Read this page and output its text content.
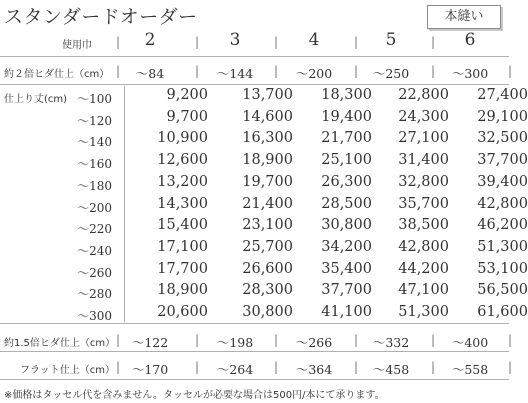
スタンダードオーダー	本縫い
使用巾	2	3	4	5	6
|	|	|	|	|
約２倍ヒダ仕上（cm）	～84	～144	～200	～250	～300
|	|	|	|	|	|
仕上り丈(cm) ～100	9,200	13,700	18,300	22,800	27,400
～120	9,700	14,600	19,400	24,300	29,100
～140	10,900	16,300	21,700	27,100	32,500
～160	12,600	18,900	25,100	31,400	37,700
～180	13,200	19,700	26,300	32,800	39,400
～200	14,300	21,400	28,500	35,700	42,800
～220	15,400	23,100	30,800	38,500	46,200
～240	17,100	25,700	34,200	42,800	51,300
～260	17,700	26,600	35,400	44,200	53,100
～280	18,900	28,300	37,700	47,100	56,500
～300	20,600	30,800	41,100	51,300	61,600
約1.5倍ヒダ仕上（cm）	～122	～198	～266	～332	～400
|	|	|	|	|	|
フラット仕上（cm）	～170	～264	～364	～458	～558
|	|	|	|	|	|
※価格はタッセル代を含みません。タッセルが必要な場合は500円/本にて承ります。
